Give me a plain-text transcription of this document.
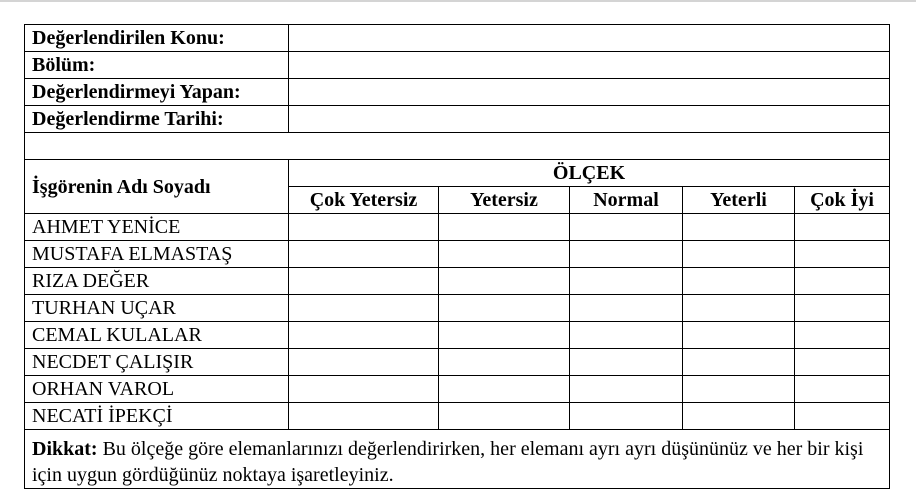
Değerlendirilen Konu:					
Bölüm:					
Değerlendirmeyi Yapan:					
Değerlendirme Tarihi:					

İşgörenin Adı Soyadı	ÖLÇEK				
	Çok Yetersiz	Yetersiz	Normal	Yeterli	Çok İyi
AHMET YENİCE					
MUSTAFA ELMASTAŞ					
RIZA DEĞER					
TURHAN UÇAR					
CEMAL KULALAR					
NECDET ÇALIŞIR					
ORHAN VAROL					
NECATİ İPEKÇİ					
Dikkat: Bu ölçeğe göre elemanlarınızı değerlendirirken, her elemanı ayrı ayrı düşününüz ve her bir kişi için uygun gördüğünüz noktaya işaretleyiniz.					
